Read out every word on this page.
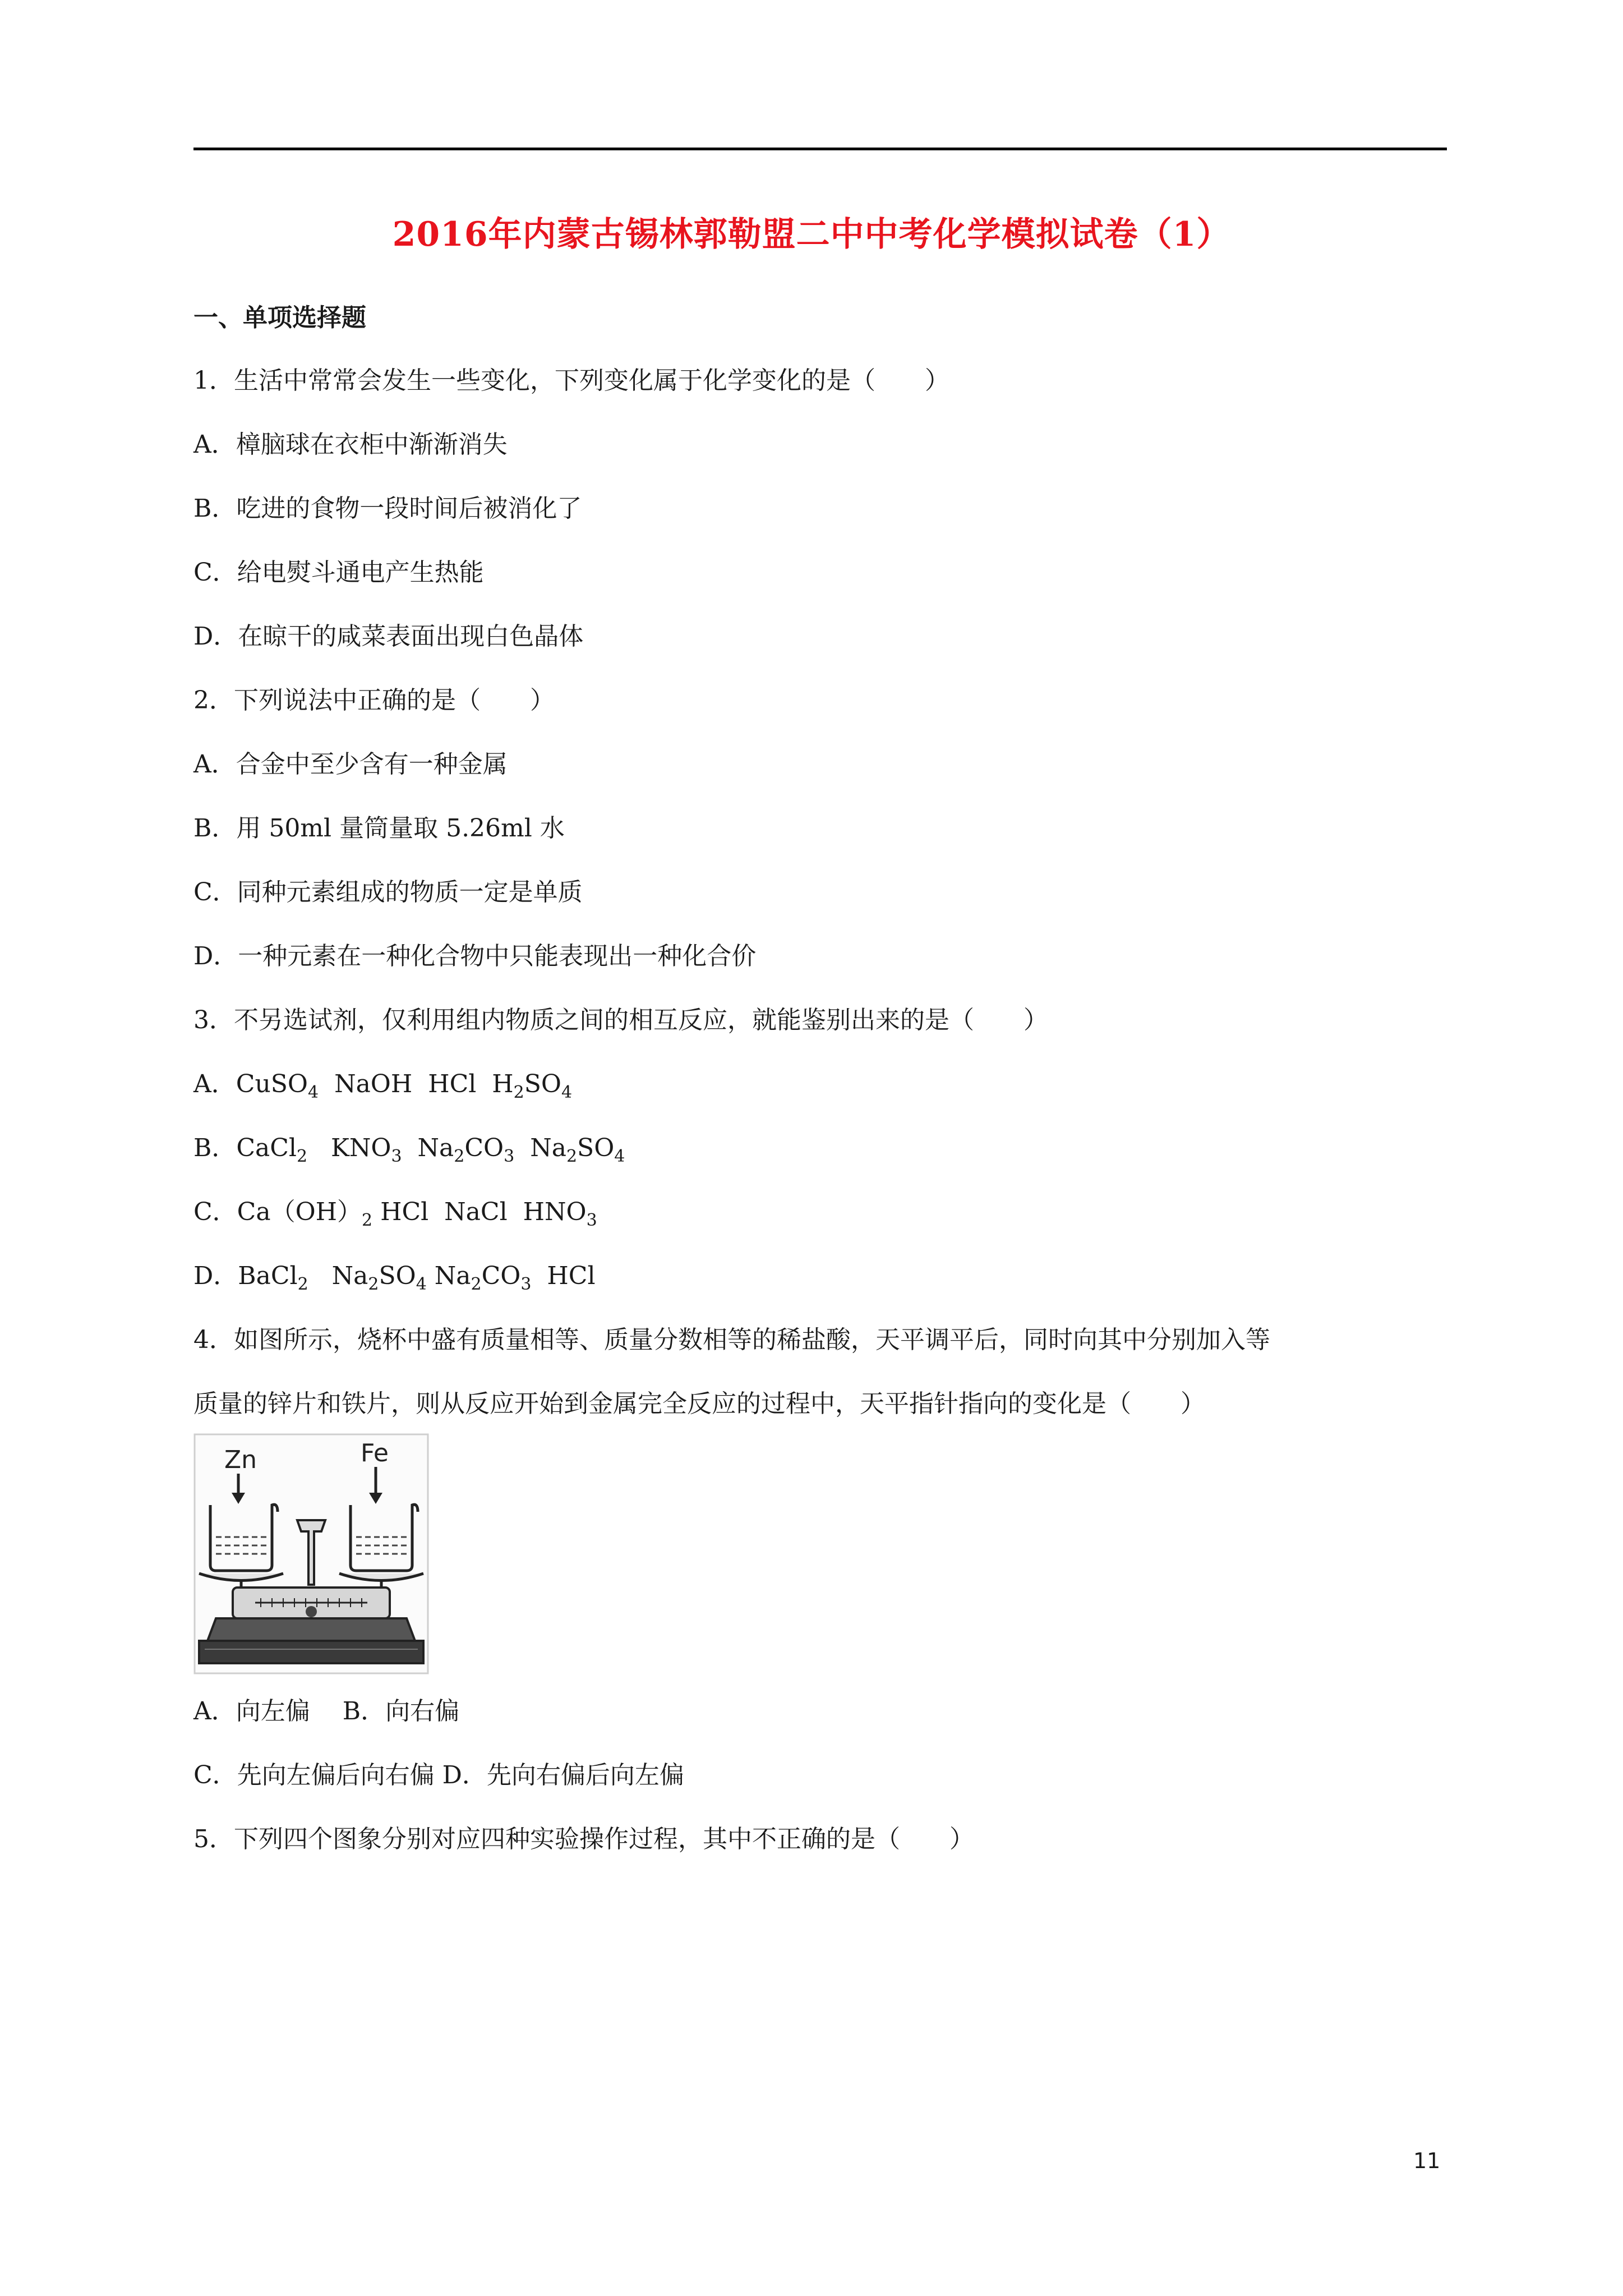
2016年内蒙古锡林郭勒盟二中中考化学模拟试卷（1）
一、单项选择题
1．生活中常常会发生一些变化，下列变化属于化学变化的是（　　）
A．樟脑球在衣柜中渐渐消失
B．吃进的食物一段时间后被消化了
C．给电熨斗通电产生热能
D．在晾干的咸菜表面出现白色晶体
2．下列说法中正确的是（　　）
A．合金中至少含有一种金属
B．用 50ml 量筒量取 5.26ml 水
C．同种元素组成的物质一定是单质
D．一种元素在一种化合物中只能表现出一种化合价
3．不另选试剂，仅利用组内物质之间的相互反应，就能鉴别出来的是（　　）
A．CuSO$_4$  NaOH  HCl  $H_2SO_4$
B．CaCl$_2$   $KNO_3$  $Na_2CO_3$  $Na_2SO_4$
C．$Ca(OH)_2$ HCl  NaCl  $HNO_3$
D．BaCl$_2$   $Na_2SO_4$ $Na_2CO_3$  HCl
4．如图所示，烧杯中盛有质量相等、质量分数相等的稀盐酸，天平调平后，同时向其中分别加入等
质量的锌片和铁片，则从反应开始到金属完全反应的过程中，天平指针指向的变化是（　　）
Zn	Fe
A．向左偏　 B．向右偏
C．先向左偏后向右偏 D．先向右偏后向左偏
5．下列四个图象分别对应四种实验操作过程，其中不正确的是（　　）
11
